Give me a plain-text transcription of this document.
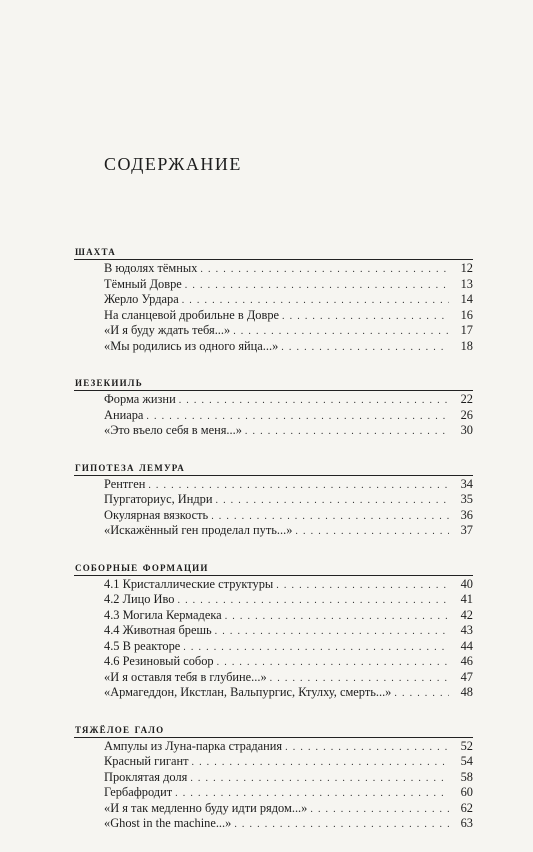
содержание
шахта
В юдолях тёмных . . .	12
Тёмный Довре . . .	13
Жерло Урдара . . .	14
На сланцевой дробильне в Довре . . .	16
«И я буду ждать тебя...» . . .	17
«Мы родились из одного яйца...» . . .	18
иезекииль
Форма жизни . . .	22
Аниара . . .	26
«Это въело себя в меня...» . . .	30
гипотеза лемура
Рентген . . .	34
Пургаториус, Индри . . .	35
Окулярная вязкость . . .	36
«Искажённый ген проделал путь...» . . .	37
соборные формации
4.1 Кристаллические структуры . . .	40
4.2 Лицо Иво . . .	41
4.3 Могила Кермадека . . .	42
4.4 Животная брешь . . .	43
4.5 В реакторе . . .	44
4.6 Резиновый собор . . .	46
«И я оставля тебя в глубине...» . . .	47
«Армагеддон, Икстлан, Вальпургис, Ктулху, смерть...» . . .	48
тяжёлое гало
Ампулы из Луна-парка страдания . . .	52
Красный гигант . . .	54
Проклятая доля . . .	58
Гербафродит . . .	60
«И я так медленно буду идти рядом...» . . .	62
«Ghost in the machine...» . . .	63
